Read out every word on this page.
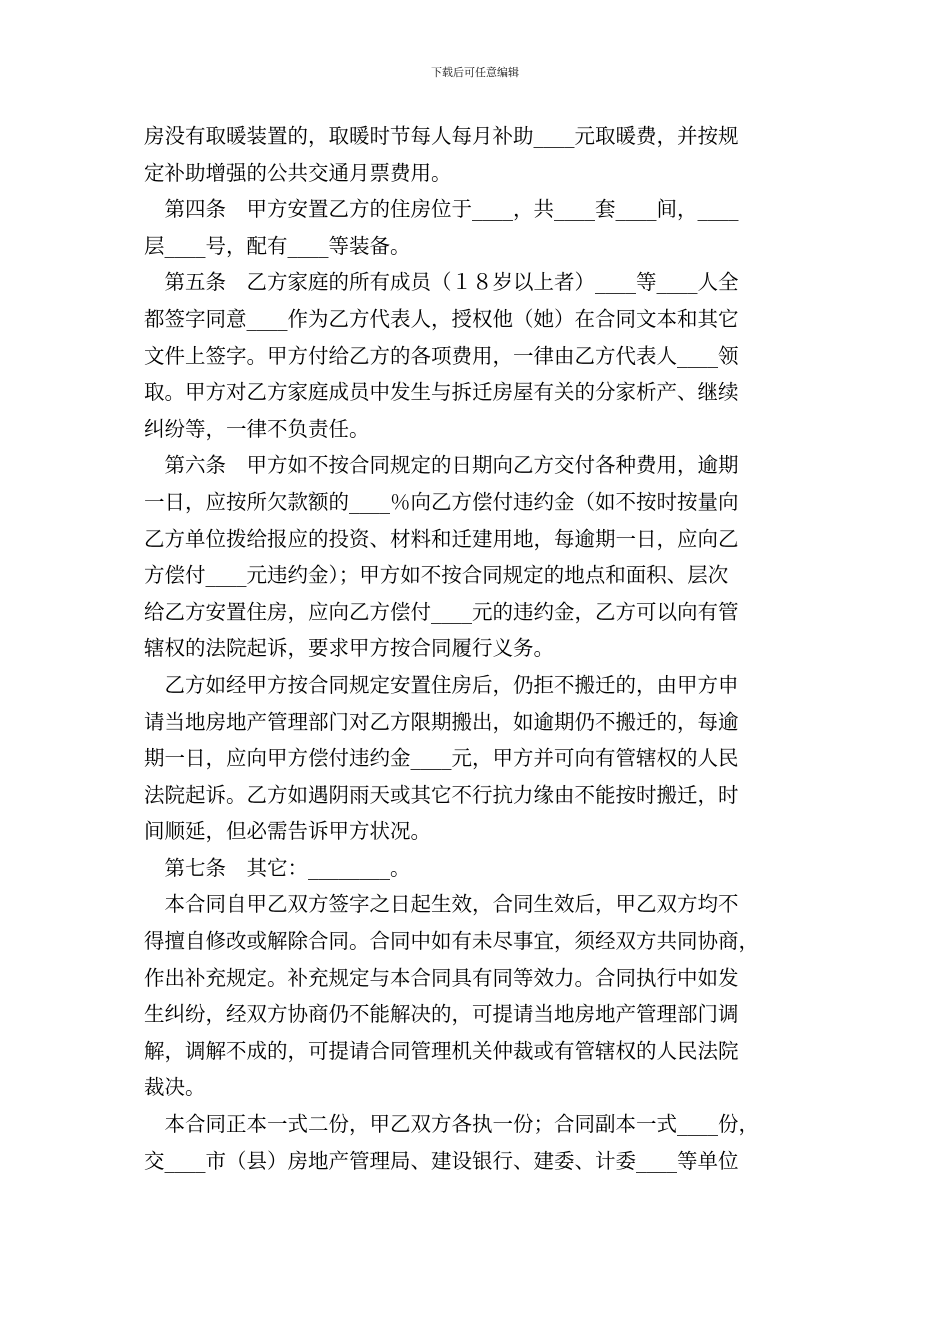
下载后可任意编辑
房没有取暖装置的，取暖时节每人每月补助____元取暖费，并按规
定补助增强的公共交通月票费用。
　第四条　甲方安置乙方的住房位于____，共____套____间，____
层____号，配有____等装备。
　第五条　乙方家庭的所有成员（１８岁以上者）____等____人全
都签字同意____作为乙方代表人，授权他（她）在合同文本和其它
文件上签字。甲方付给乙方的各项费用，一律由乙方代表人____领
取。甲方对乙方家庭成员中发生与拆迁房屋有关的分家析产、继续
纠纷等，一律不负责任。
　第六条　甲方如不按合同规定的日期向乙方交付各种费用，逾期
一日，应按所欠款额的____％向乙方偿付违约金（如不按时按量向
乙方单位拨给报应的投资、材料和迁建用地，每逾期一日，应向乙
方偿付____元违约金）；甲方如不按合同规定的地点和面积、层次
给乙方安置住房，应向乙方偿付____元的违约金，乙方可以向有管
辖权的法院起诉，要求甲方按合同履行义务。
　乙方如经甲方按合同规定安置住房后，仍拒不搬迁的，由甲方申
请当地房地产管理部门对乙方限期搬出，如逾期仍不搬迁的，每逾
期一日，应向甲方偿付违约金____元，甲方并可向有管辖权的人民
法院起诉。乙方如遇阴雨天或其它不行抗力缘由不能按时搬迁，时
间顺延，但必需告诉甲方状况。
　第七条　其它：________。
　本合同自甲乙双方签字之日起生效，合同生效后，甲乙双方均不
得擅自修改或解除合同。合同中如有未尽事宜，须经双方共同协商，
作出补充规定。补充规定与本合同具有同等效力。合同执行中如发
生纠纷，经双方协商仍不能解决的，可提请当地房地产管理部门调
解，调解不成的，可提请合同管理机关仲裁或有管辖权的人民法院
裁决。
　本合同正本一式二份，甲乙双方各执一份；合同副本一式____份，
交____市（县）房地产管理局、建设银行、建委、计委____等单位
